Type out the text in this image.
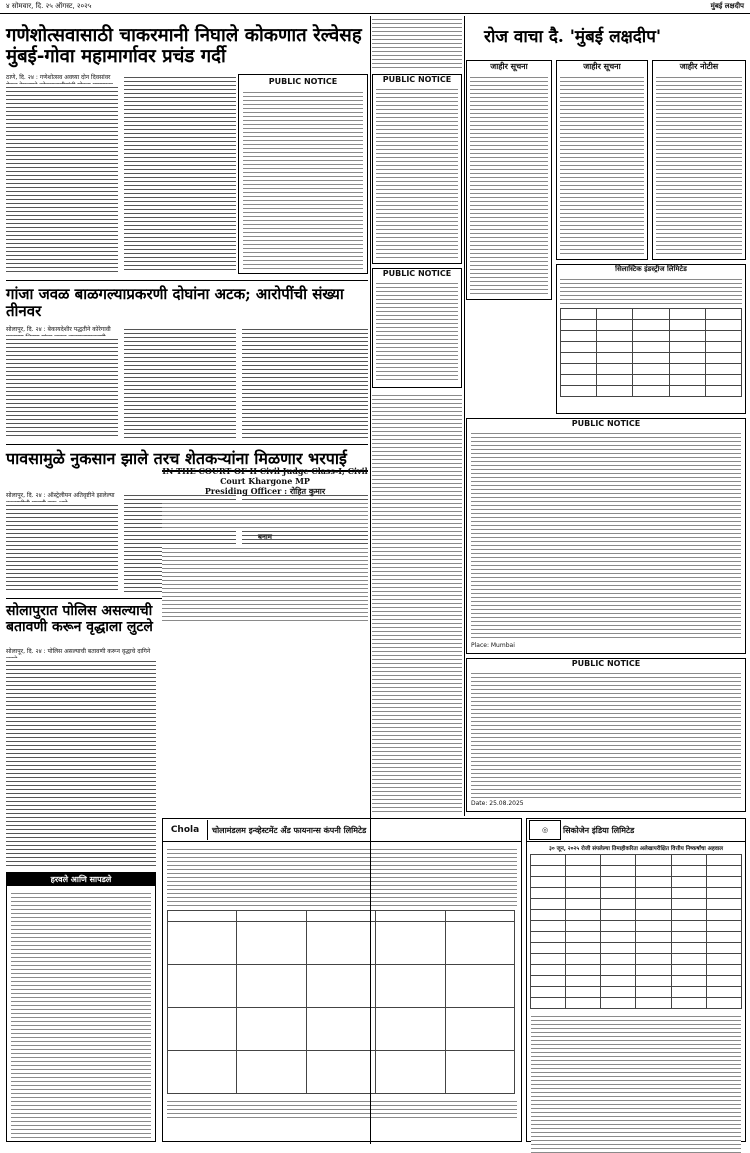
४ सोमवार, दि. २५ ऑगस्ट, २०२५	मुंबई लक्षदीप
गणेशोत्सवासाठी चाकरमानी निघाले कोकणात रेल्वेसह मुंबई-गोवा महामार्गावर प्रचंड गर्दी
ठाणे, दि. २४ : गणेशोत्सव अवघ्या दोन दिवसांवर	PUBLIC NOTICE
गांजा जवळ बाळगल्याप्रकरणी दोघांना अटक; आरोपींची संख्या तीनवर
सोलापूर, दि. २४ : बेकायदेशीर पद्धतीने कोरेगावी
पावसामुळे नुकसान झाले तरच शेतकऱ्यांना मिळणार भरपाई
सोलापूर, दि. २४ : ऑस्ट्रेलीयन अतिवृष्टीने झालेल्या
सोलापुरात पोलिस असल्याची बतावणी करून वृद्धाला लुटले
सोलापूर, दि. २४ : पोलिस असल्याची बतावणी करून वृद्धाचे दागिने
हरवले आणि सापडले
Chola	चोलामंडलम इन्व्हेस्टमेंट अँड फायनान्स कंपनी लिमिटेड

PUBLIC NOTICE
रोज वाचा दै. 'मुंबई लक्षदीप'
जाहीर सूचना	जाहीर सूचना	जाहीर नोटीस
सिलास्टिक इंडस्ट्रीज लिमिटेड

PUBLIC NOTICE
IN THE COURT OF II Civil Judge Class-I, Civil Court Khargone MP
Presiding Officer : रोहित कुमार
बनाम
PUBLIC NOTICE
Place: Mumbai
PUBLIC NOTICE
Date: 25.08.2025
◎	सिकोजेन इंडिया लिमिटेड
३० जून, २०२५ रोजी संपलेल्या तिमाहीकरिता अलेखापरीक्षित वित्तीय निष्कर्षांचा अहवाल
